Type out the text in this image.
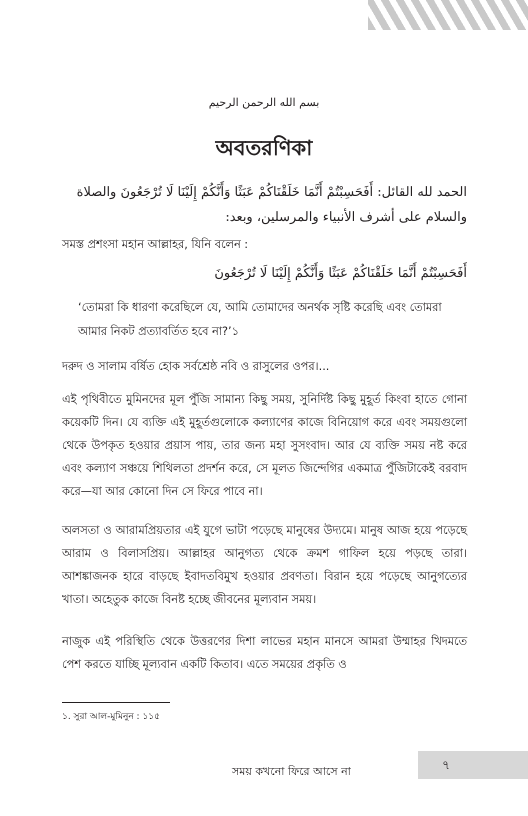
بسم الله الرحمن الرحيم
অবতরণিকা
الحمد لله القائل: أَفَحَسِبْتُمْ أَنَّمَا خَلَقْنَاكُمْ عَبَثًا وَأَنَّكُمْ إِلَيْنَا لَا تُرْجَعُونَ والصلاة والسلام على أشرف الأنبياء والمرسلين، وبعد:
সমস্ত প্রশংসা মহান আল্লাহর, যিনি বলেন :
أَفَحَسِبْتُمْ أَنَّمَا خَلَقْنَاكُمْ عَبَثًا وَأَنَّكُمْ إِلَيْنَا لَا تُرْجَعُونَ
‘তোমরা কি ধারণা করেছিলে যে, আমি তোমাদের অনর্থক সৃষ্টি করেছি এবং তোমরা আমার নিকট প্রত্যাবর্তিত হবে না?’১
দরুদ ও সালাম বর্ষিত হোক সর্বশ্রেষ্ঠ নবি ও রাসুলের ওপর।...
এই পৃথিবীতে মুমিনদের মূল পুঁজি সামান্য কিছু সময়, সুনির্দিষ্ট কিছু মুহূর্ত কিংবা হাতে গোনা কয়েকটি দিন। যে ব্যক্তি এই মুহূর্তগুলোকে কল্যাণের কাজে বিনিয়োগ করে এবং সময়গুলো থেকে উপকৃত হওয়ার প্রয়াস পায়, তার জন্য মহা সুসংবাদ। আর যে ব্যক্তি সময় নষ্ট করে এবং কল্যাণ সঞ্চয়ে শিথিলতা প্রদর্শন করে, সে মূলত জিন্দেগির একমাত্র পুঁজিটাকেই বরবাদ করে—যা আর কোনো দিন সে ফিরে পাবে না।
অলসতা ও আরামপ্রিয়তার এই যুগে ভাটা পড়েছে মানুষের উদ্যমে। মানুষ আজ হয়ে পড়েছে আরাম ও বিলাসপ্রিয়। আল্লাহর আনুগত্য থেকে ক্রমশ গাফিল হয়ে পড়ছে তারা। আশঙ্কাজনক হারে বাড়ছে ইবাদতবিমুখ হওয়ার প্রবণতা। বিরান হয়ে পড়েছে আনুগত্যের খাতা। অহেতুক কাজে বিনষ্ট হচ্ছে জীবনের মূল্যবান সময়।
নাজুক এই পরিস্থিতি থেকে উত্তরণের দিশা লাভের মহান মানসে আমরা উম্মাহর খিদমতে পেশ করতে যাচ্ছি মূল্যবান একটি কিতাব। এতে সময়ের প্রকৃতি ও
১. সুরা আল-মুমিনুন : ১১৫
সময় কখনো ফিরে আসে না	৭
